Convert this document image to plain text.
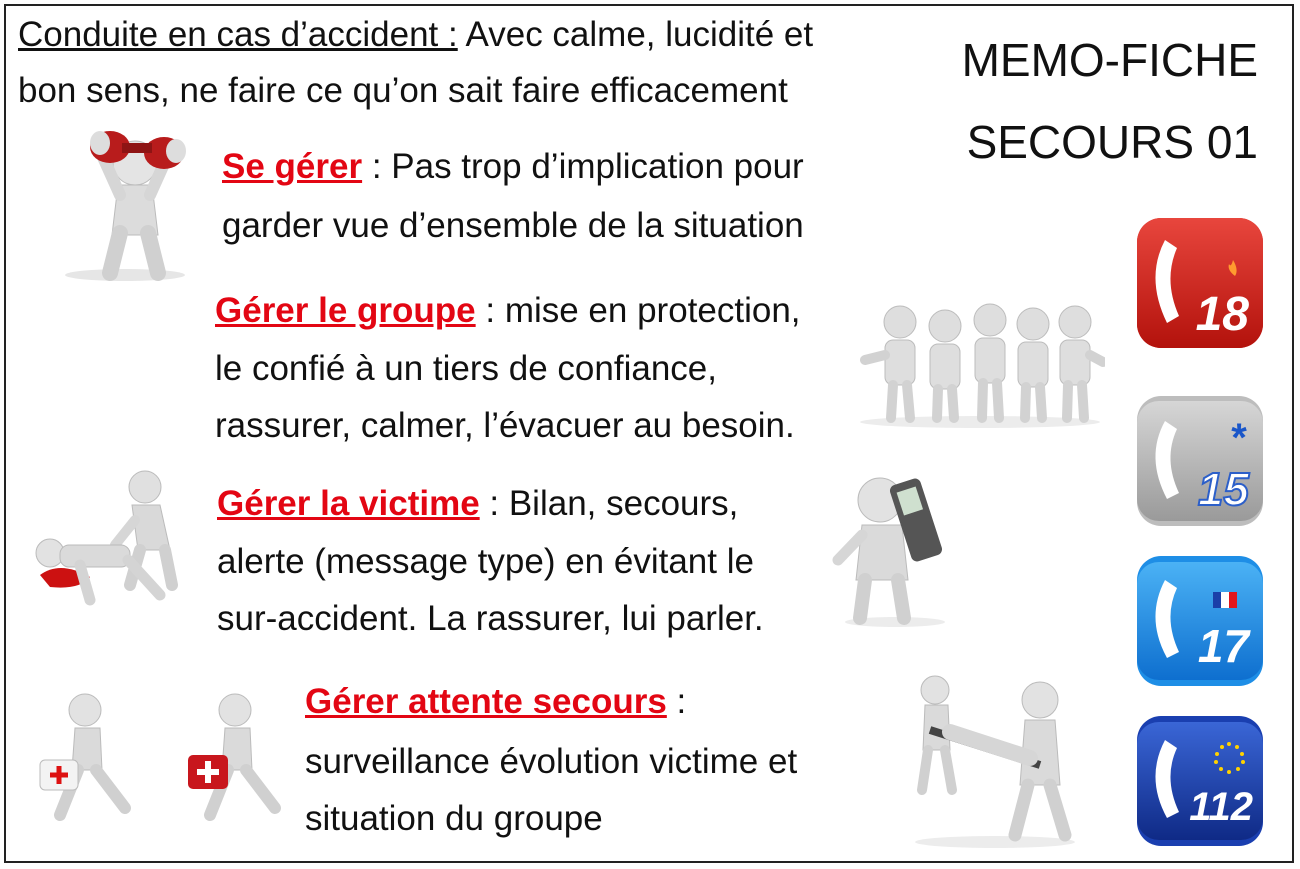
Conduite en cas d’accident : Avec calme, lucidité et
bon sens, ne faire ce qu’on sait faire efficacement
MEMO-FICHE
SECOURS 01
Se gérer : Pas trop d’implication pour
garder vue d’ensemble de la situation
Gérer le groupe : mise en protection,
le confié à un tiers de confiance,
rassurer, calmer, l’évacuer au besoin.
Gérer la victime : Bilan, secours,
alerte (message type) en évitant le
sur-accident. La rassurer, lui parler.
Gérer attente secours :
surveillance évolution victime et
situation du groupe
18
*
15
17
112
